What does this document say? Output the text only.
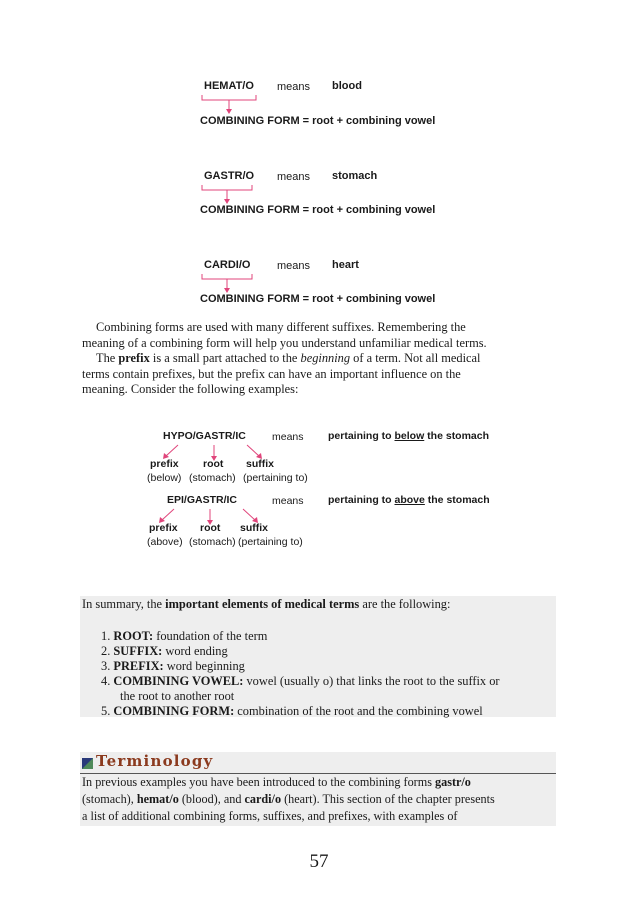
HEMAT/O means blood
COMBINING FORM = root + combining vowel
GASTR/O means stomach
COMBINING FORM = root + combining vowel
CARDI/O means heart
COMBINING FORM = root + combining vowel
Combining forms are used with many different suffixes. Remembering the
meaning of a combining form will help you understand unfamiliar medical terms.
The prefix is a small part attached to the beginning of a term. Not all medical
terms contain prefixes, but the prefix can have an important influence on the
meaning. Consider the following examples:
HYPO/GASTR/IC means pertaining to below the stomach
prefix root suffix
(below) (stomach) (pertaining to)
EPI/GASTR/IC	means pertaining to above the stomach
prefix root suffix
(above) (stomach) (pertaining to)
In summary, the important elements of medical terms are the following:
1. ROOT: foundation of the term
2. SUFFIX: word ending
3. PREFIX: word beginning
4. COMBINING VOWEL: vowel (usually o) that links the root to the suffix or
the root to another root
5. COMBINING FORM: combination of the root and the combining vowel
Terminology
In previous examples you have been introduced to the combining forms gastr/o
(stomach), hemat/o (blood), and cardi/o (heart). This section of the chapter presents
a list of additional combining forms, suffixes, and prefixes, with examples of
57
